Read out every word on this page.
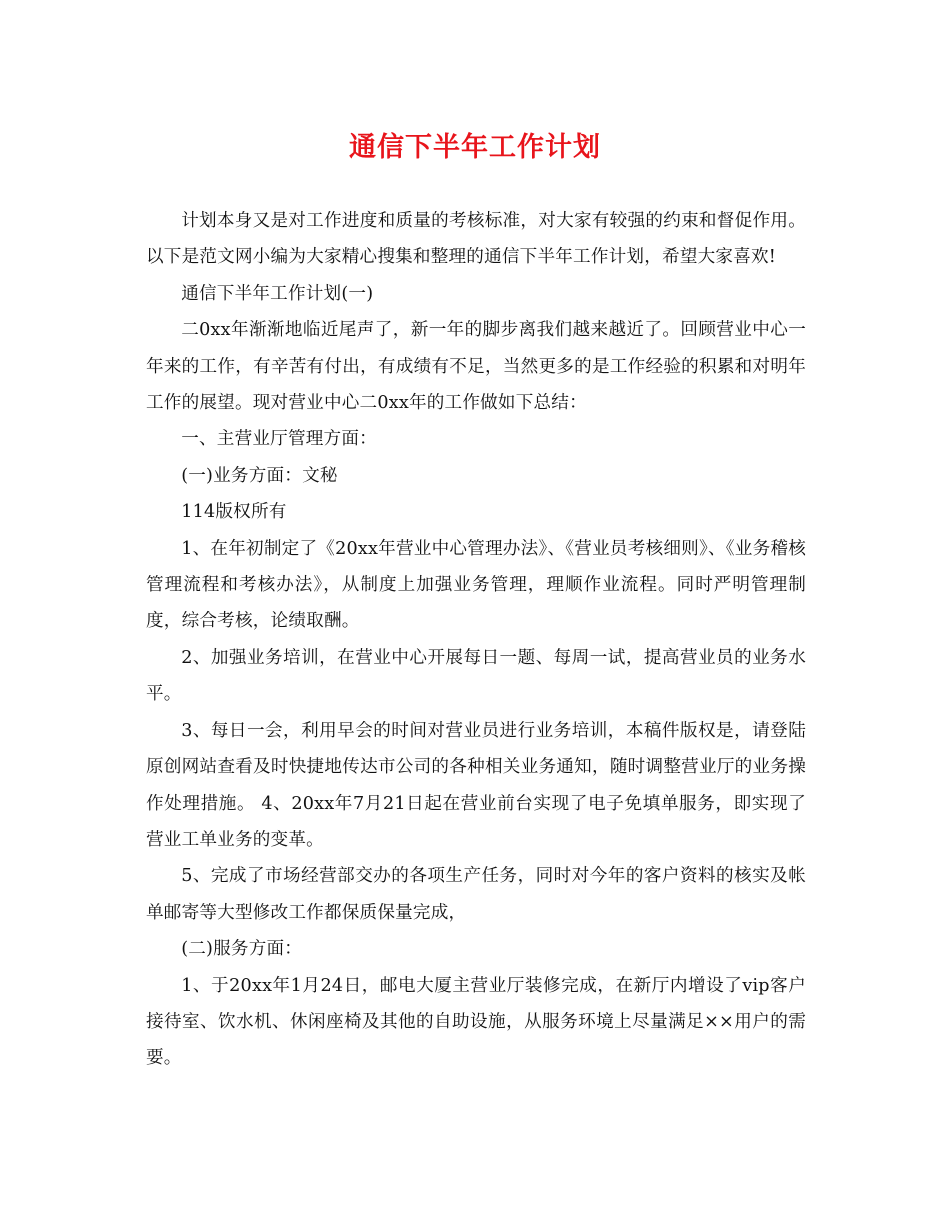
通信下半年工作计划

计划本身又是对工作进度和质量的考核标准，对大家有较强的约束和督促作用。以下是范文网小编为大家精心搜集和整理的通信下半年工作计划，希望大家喜欢!

通信下半年工作计划(一)

二0xx年渐渐地临近尾声了，新一年的脚步离我们越来越近了。回顾营业中心一年来的工作，有辛苦有付出，有成绩有不足，当然更多的是工作经验的积累和对明年工作的展望。现对营业中心二0xx年的工作做如下总结：

一、主营业厅管理方面：

(一)业务方面：文秘

114版权所有

1、在年初制定了《20xx年营业中心管理办法》、《营业员考核细则》、《业务稽核管理流程和考核办法》，从制度上加强业务管理，理顺作业流程。同时严明管理制度，综合考核，论绩取酬。

2、加强业务培训，在营业中心开展每日一题、每周一试，提高营业员的业务水平。

3、每日一会，利用早会的时间对营业员进行业务培训，本稿件版权是，请登陆原创网站查看及时快捷地传达市公司的各种相关业务通知，随时调整营业厅的业务操作处理措施。 4、20xx年7月21日起在营业前台实现了电子免填单服务，即实现了营业工单业务的变革。

5、完成了市场经营部交办的各项生产任务，同时对今年的客户资料的核实及帐单邮寄等大型修改工作都保质保量完成，

(二)服务方面：

1、于20xx年1月24日，邮电大厦主营业厅装修完成，在新厅内增设了vip客户接待室、饮水机、休闲座椅及其他的自助设施，从服务环境上尽量满足××用户的需要。
